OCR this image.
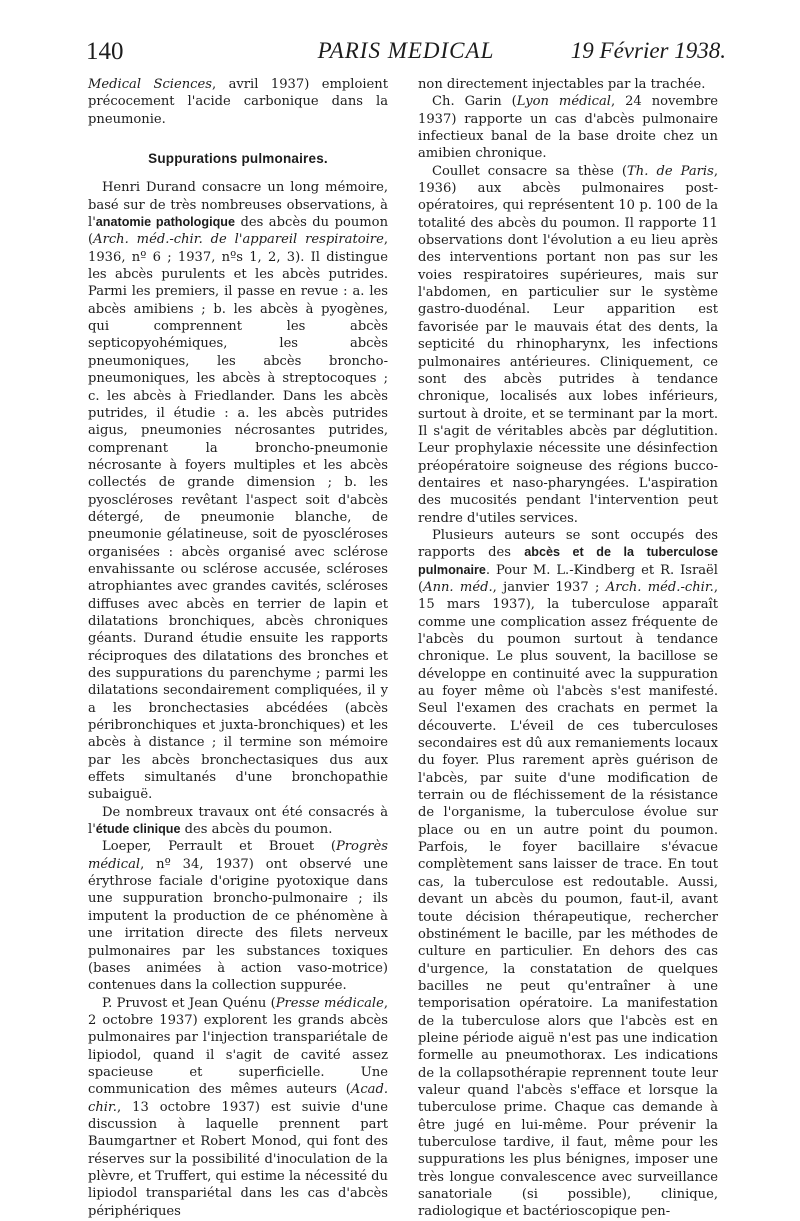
140	PARIS MEDICAL	19 Février 1938.

Medical Sciences, avril 1937) emploient précocement l'acide carbonique dans la pneumonie.

Suppurations pulmonaires.

Henri Durand consacre un long mémoire, basé sur de très nombreuses observations, à l'anatomie pathologique des abcès du poumon (Arch. méd.-chir. de l'appareil respiratoire, 1936, nº 6 ; 1937, nºs 1, 2, 3). Il distingue les abcès purulents et les abcès putrides. Parmi les premiers, il passe en revue : a. les abcès amibiens ; b. les abcès à pyogènes, qui comprennent les abcès septicopyohémiques, les abcès pneumoniques, les abcès broncho-pneumoniques, les abcès à streptocoques ; c. les abcès à Friedlander. Dans les abcès putrides, il étudie : a. les abcès putrides aigus, pneumonies nécrosantes putrides, comprenant la broncho-pneumonie nécrosante à foyers multiples et les abcès collectés de grande dimension ; b. les pyoscléroses revêtant l'aspect soit d'abcès détergé, de pneumonie blanche, de pneumonie gélatineuse, soit de pyoscléroses organisées : abcès organisé avec sclérose envahissante ou sclérose accusée, scléroses atrophiantes avec grandes cavités, scléroses diffuses avec abcès en terrier de lapin et dilatations bronchiques, abcès chroniques géants. Durand étudie ensuite les rapports réciproques des dilatations des bronches et des suppurations du parenchyme ; parmi les dilatations secondairement compliquées, il y a les bronchectasies abcédées (abcès péribronchiques et juxta-bronchiques) et les abcès à distance ; il termine son mémoire par les abcès bronchectasiques dus aux effets simultanés d'une bronchopathie subaiguë.

De nombreux travaux ont été consacrés à l'étude clinique des abcès du poumon.

Loeper, Perrault et Brouet (Progrès médical, nº 34, 1937) ont observé une érythrose faciale d'origine pyotoxique dans une suppuration broncho-pulmonaire ; ils imputent la production de ce phénomène à une irritation directe des filets nerveux pulmonaires par les substances toxiques (bases animées à action vaso-motrice) contenues dans la collection suppurée.

P. Pruvost et Jean Quénu (Presse médicale, 2 octobre 1937) explorent les grands abcès pulmonaires par l'injection transpariétale de lipiodol, quand il s'agit de cavité assez spacieuse et superficielle. Une communication des mêmes auteurs (Acad. chir., 13 octobre 1937) est suivie d'une discussion à laquelle prennent part Baumgartner et Robert Monod, qui font des réserves sur la possibilité d'inoculation de la plèvre, et Truffert, qui estime la nécessité du lipiodol transpariétal dans les cas d'abcès périphériques

non directement injectables par la trachée.

Ch. Garin (Lyon médical, 24 novembre 1937) rapporte un cas d'abcès pulmonaire infectieux banal de la base droite chez un amibien chronique.

Coullet consacre sa thèse (Th. de Paris, 1936) aux abcès pulmonaires post-opératoires, qui représentent 10 p. 100 de la totalité des abcès du poumon. Il rapporte 11 observations dont l'évolution a eu lieu après des interventions portant non pas sur les voies respiratoires supérieures, mais sur l'abdomen, en particulier sur le système gastro-duodénal. Leur apparition est favorisée par le mauvais état des dents, la septicité du rhinopharynx, les infections pulmonaires antérieures. Cliniquement, ce sont des abcès putrides à tendance chronique, localisés aux lobes inférieurs, surtout à droite, et se terminant par la mort. Il s'agit de véritables abcès par déglutition. Leur prophylaxie nécessite une désinfection préopératoire soigneuse des régions bucco-dentaires et naso-pharyngées. L'aspiration des mucosités pendant l'intervention peut rendre d'utiles services.

Plusieurs auteurs se sont occupés des rapports des abcès et de la tuberculose pulmonaire. Pour M. L.-Kindberg et R. Israël (Ann. méd., janvier 1937 ; Arch. méd.-chir., 15 mars 1937), la tuberculose apparaît comme une complication assez fréquente de l'abcès du poumon surtout à tendance chronique. Le plus souvent, la bacillose se développe en continuité avec la suppuration au foyer même où l'abcès s'est manifesté. Seul l'examen des crachats en permet la découverte. L'éveil de ces tuberculoses secondaires est dû aux remaniements locaux du foyer. Plus rarement après guérison de l'abcès, par suite d'une modification de terrain ou de fléchissement de la résistance de l'organisme, la tuberculose évolue sur place ou en un autre point du poumon. Parfois, le foyer bacillaire s'évacue complètement sans laisser de trace. En tout cas, la tuberculose est redoutable. Aussi, devant un abcès du poumon, faut-il, avant toute décision thérapeutique, rechercher obstinément le bacille, par les méthodes de culture en particulier. En dehors des cas d'urgence, la constatation de quelques bacilles ne peut qu'entraîner à une temporisation opératoire. La manifestation de la tuberculose alors que l'abcès est en pleine période aiguë n'est pas une indication formelle au pneumothorax. Les indications de la collapsothérapie reprennent toute leur valeur quand l'abcès s'efface et lorsque la tuberculose prime. Chaque cas demande à être jugé en lui-même. Pour prévenir la tuberculose tardive, il faut, même pour les suppurations les plus bénignes, imposer une très longue convalescence avec surveillance sanatoriale (si possible), clinique, radiologique et bactérioscopique pen-
